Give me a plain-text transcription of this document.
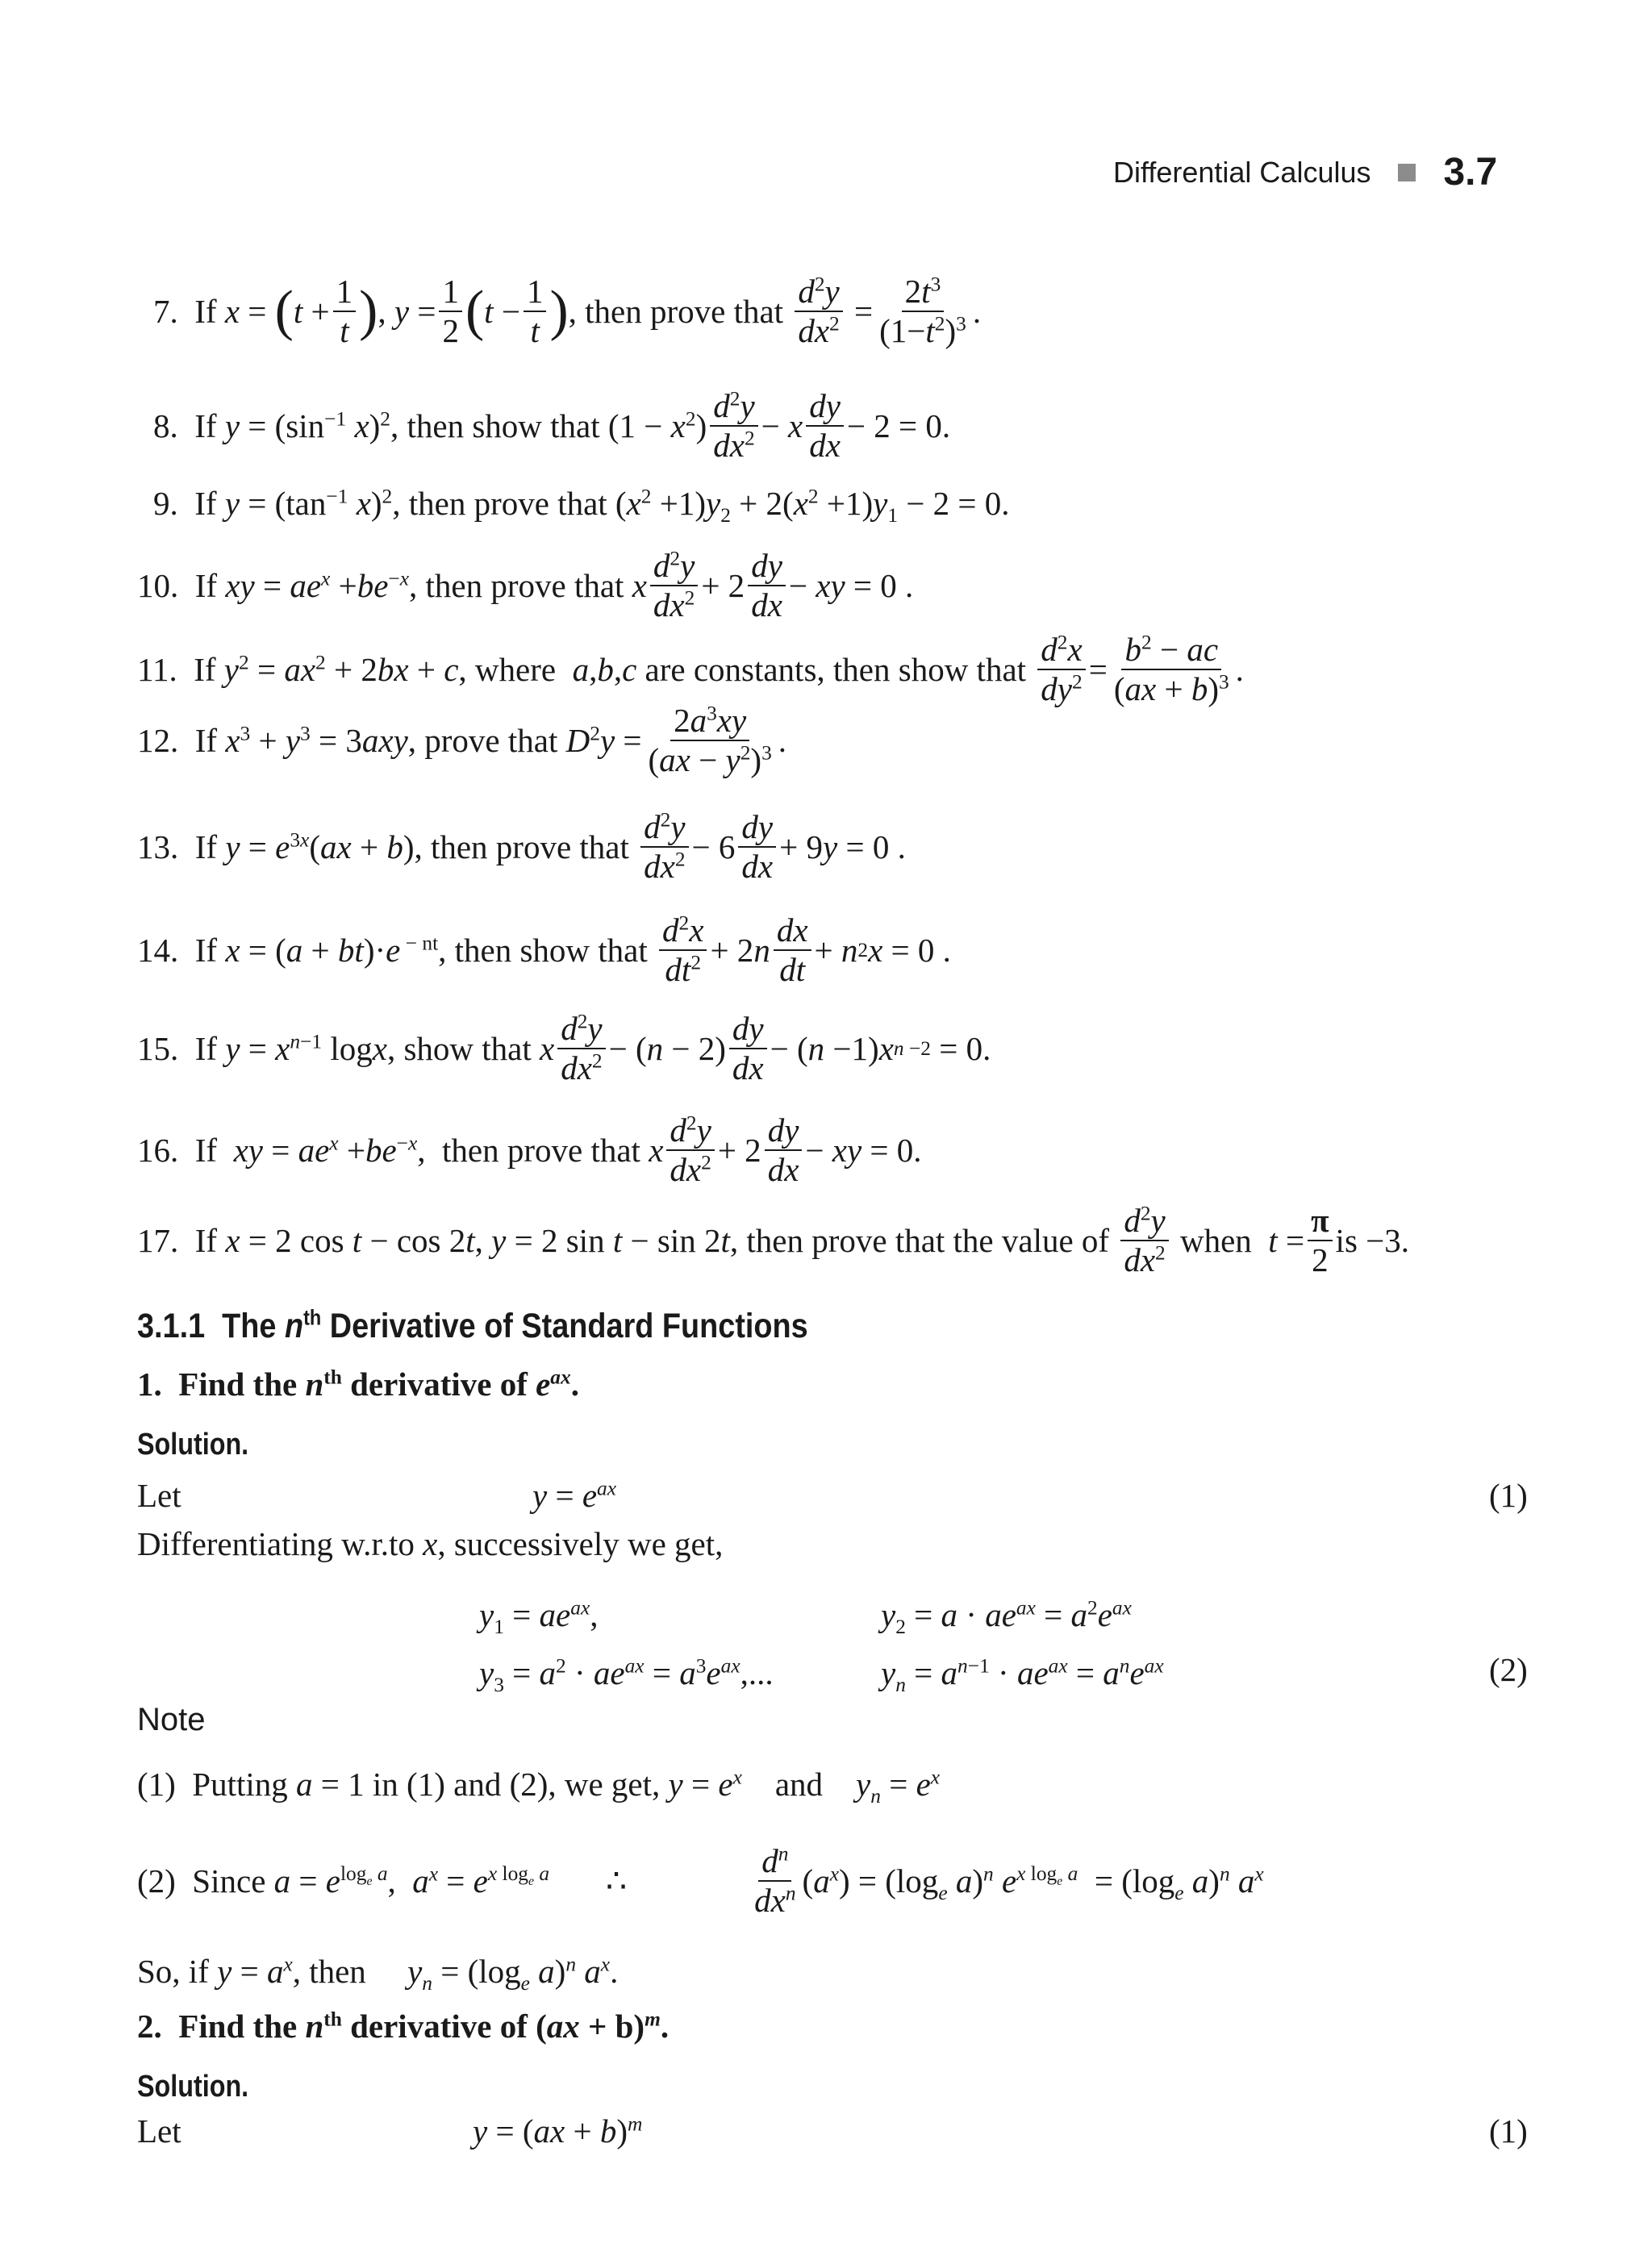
Differential Calculus 3.7
7.  If x = ( $t + \frac{1}{t}$ ) , $y = \frac{1}{2}$ ( $t - \frac{1}{t}$ ) , then prove that $\frac{d^2y}{dx^2} = \frac{2t^3}{(1-t^2)^3}$ .
8.  If $y = (\sin^{-1}$ x)$^2$, then show that $(1 - x^2) \frac{d^2y}{dx^2} - x \frac{dy}{dx} - 2 = 0$.
9.  If $y = (\tan^{-1}$ x)$^2$, then prove that $(x^2 +1)y_2 + 2(x^2 +1)y_1 - 2 = 0$.
10.  If xy = $ae^x +be^{-x}$, then prove that x $\frac{d^2y}{dx^2} + 2 \frac{dy}{dx}$ − xy = 0 .
11.  If $y^2 = ax^2 + 2bx + c$, where  a,b,c are constants, then show that $\frac{d^2x}{dy^2} = \frac{b^2 - ac}{(ax + b)^3}$ .
12.  If $x^3 + y^3 = 3axy$, prove that $D^2y = \frac{2a^3xy}{(ax - y^2)^3}$ .
13.  If $y = e^{3x}(ax + b)$, then prove that $\frac{d^2y}{dx^2} - 6 \frac{dy}{dx} + 9$ y = 0 .
14.  If x = (a + bt)·e $^{- nt}$, then show that $\frac{d^2x}{dt^2} + 2$ n $\frac{dx}{dt} + n$ 2 x = 0 .
15.  If $y = x^{n-1}$ logx, show that x $\frac{d^2y}{dx^2}$ − ( $n - 2) \frac{dy}{dx}$ − ( n −1) x n −2 = 0.
16.  If  xy = $ae^x +be^{-x}$,  then prove that x $\frac{d^2y}{dx^2} + 2 \frac{dy}{dx}$ − xy = 0.
17.  If x = 2 cos t − cos 2t, y = 2 sin t − sin 2t, then prove that the value of $\frac{d^2y}{dx^2}$ when $t = \frac{\pi}{2}$ is −3.
3.1.1  The $n^{th}$ Derivative of Standard Functions
1.  Find the $n^{th}$ derivative of $e^{ax}$.
Solution.
Let	$y = e^{ax}$	(1)
Differentiating w.r.to x, successively we get,
$y_1 = ae^{ax}$,	$y_2 = a \cdot ae^{ax} = a^2e^{ax}$
$y_3 = a^2 \cdot ae^{ax} = a^3e^{ax}$,...	$y_n = a^{n-1} \cdot ae^{ax} = a^ne^{ax}$	(2)
Note
(1)  Putting a = 1 in (1) and (2), we get, $y = e^x$    and    $y_n = e^x$
(2)  Since $a = e^{log_e a}$,  $a^x = e^{x log_e a}$ ∴	$\frac{d^n}{dx^n} (a^x) = (\log_e$ a)$^n$ $e^{x log_e a} = (\log_e$ a)$^n$ $a^x$
So, if $y = a^x$, then     $y_n = (\log_e$ a)$^n$ $a^x$.
2.  Find the $n^{th}$ derivative of (ax + b)$^m$.
Solution.
Let	y = (ax + b)$^m$	(1)
